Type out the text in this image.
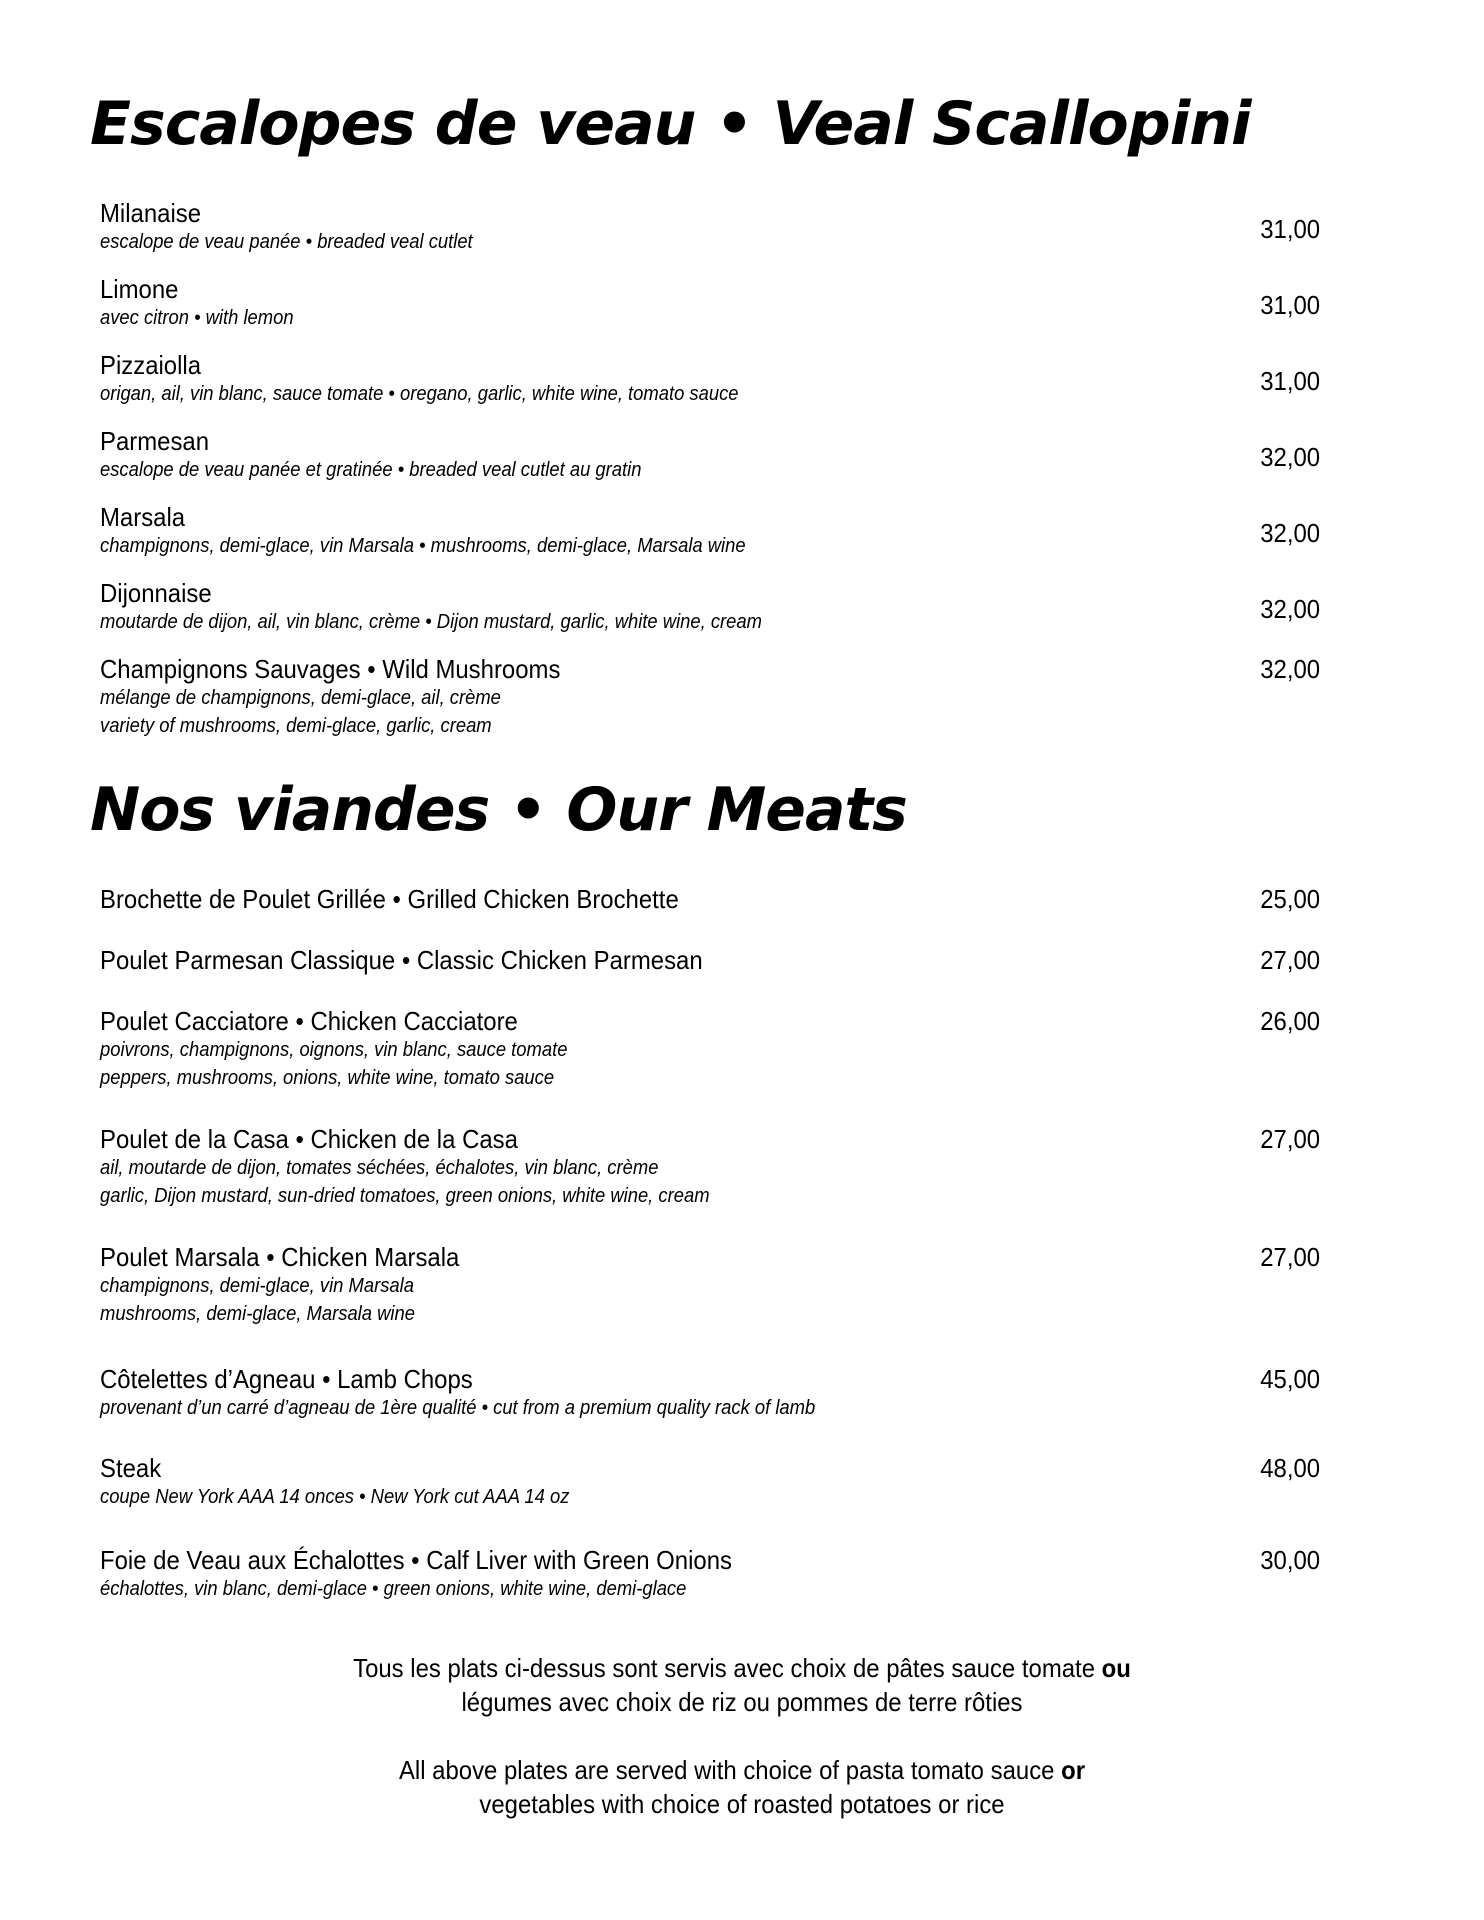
Escalopes de veau • Veal Scallopini
Milanaise
escalope de veau panée • breaded veal cutlet	31,00
Limone
avec citron • with lemon	31,00
Pizzaiolla
origan, ail, vin blanc, sauce tomate • oregano, garlic, white wine, tomato sauce	31,00
Parmesan
escalope de veau panée et gratinée • breaded veal cutlet au gratin	32,00
Marsala
champignons, demi-glace, vin Marsala • mushrooms, demi-glace, Marsala wine	32,00
Dijonnaise
moutarde de dijon, ail, vin blanc, crème • Dijon mustard, garlic, white wine, cream	32,00
Champignons Sauvages • Wild Mushrooms
mélange de champignons, demi-glace, ail, crème
variety of mushrooms, demi-glace, garlic, cream
32,00
Nos viandes • Our Meats
Brochette de Poulet Grillée • Grilled Chicken Brochette	25,00
Poulet Parmesan Classique • Classic Chicken Parmesan	27,00
Poulet Cacciatore • Chicken Cacciatore
poivrons, champignons, oignons, vin blanc, sauce tomate
peppers, mushrooms, onions, white wine, tomato sauce
26,00
Poulet de la Casa • Chicken de la Casa
ail, moutarde de dijon, tomates séchées, échalotes, vin blanc, crème
garlic, Dijon mustard, sun-dried tomatoes, green onions, white wine, cream
27,00
Poulet Marsala • Chicken Marsala
champignons, demi-glace, vin Marsala
mushrooms, demi-glace, Marsala wine
27,00
Côtelettes d’Agneau • Lamb Chops
provenant d’un carré d’agneau de 1ère qualité • cut from a premium quality rack of lamb
45,00
Steak
coupe New York AAA 14 onces • New York cut AAA 14 oz
48,00
Foie de Veau aux Échalottes • Calf Liver with Green Onions
échalottes, vin blanc, demi-glace • green onions, white wine, demi-glace
30,00
Tous les plats ci-dessus sont servis avec choix de pâtes sauce tomate ou
légumes avec choix de riz ou pommes de terre rôties
All above plates are served with choice of pasta tomato sauce or
vegetables with choice of roasted potatoes or rice
